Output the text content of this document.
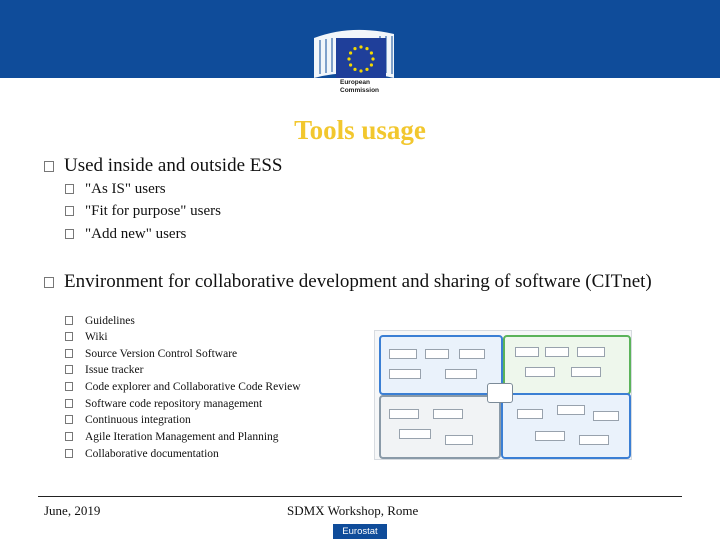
European
Commission
Tools usage
Used inside and outside ESS
"As IS" users
"Fit for purpose" users
"Add new" users
Environment for collaborative development and sharing of software (CITnet)
Guidelines
Wiki
Source Version Control Software
Issue tracker
Code explorer and Collaborative Code Review
Software code repository management
Continuous integration
Agile Iteration Management and Planning
Collaborative documentation
June, 2019	SDMX Workshop, Rome
Eurostat
